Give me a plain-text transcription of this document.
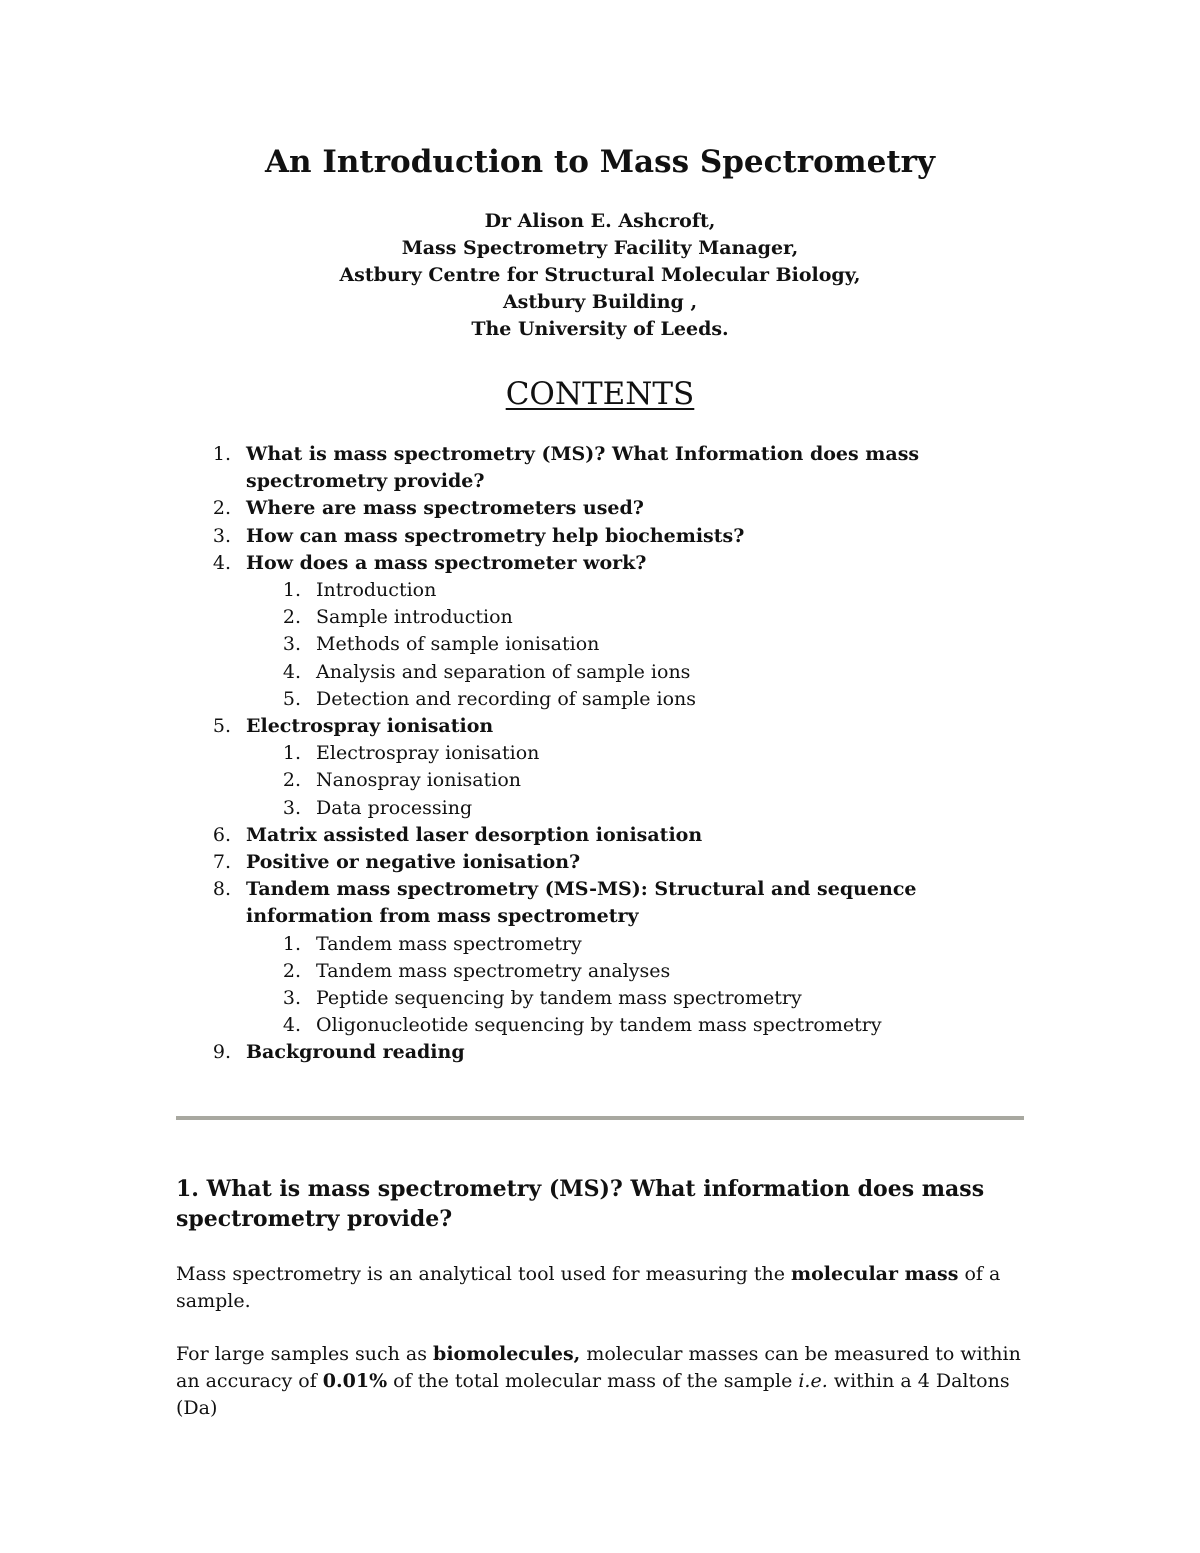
An Introduction to Mass Spectrometry
Dr Alison E. Ashcroft,
Mass Spectrometry Facility Manager,
Astbury Centre for Structural Molecular Biology,
Astbury Building ,
The University of Leeds.
CONTENTS
1. What is mass spectrometry (MS)? What Information does mass spectrometry provide?
2. Where are mass spectrometers used?
3. How can mass spectrometry help biochemists?
4. How does a mass spectrometer work?
1. Introduction
2. Sample introduction
3. Methods of sample ionisation
4. Analysis and separation of sample ions
5. Detection and recording of sample ions
5. Electrospray ionisation
1. Electrospray ionisation
2. Nanospray ionisation
3. Data processing
6. Matrix assisted laser desorption ionisation
7. Positive or negative ionisation?
8. Tandem mass spectrometry (MS-MS): Structural and sequence information from mass spectrometry
1. Tandem mass spectrometry
2. Tandem mass spectrometry analyses
3. Peptide sequencing by tandem mass spectrometry
4. Oligonucleotide sequencing by tandem mass spectrometry
9. Background reading
1. What is mass spectrometry (MS)? What information does mass spectrometry provide?

Mass spectrometry is an analytical tool used for measuring the molecular mass of a sample.

For large samples such as biomolecules, molecular masses can be measured to within an accuracy of 0.01% of the total molecular mass of the sample i.e. within a 4 Daltons (Da)
